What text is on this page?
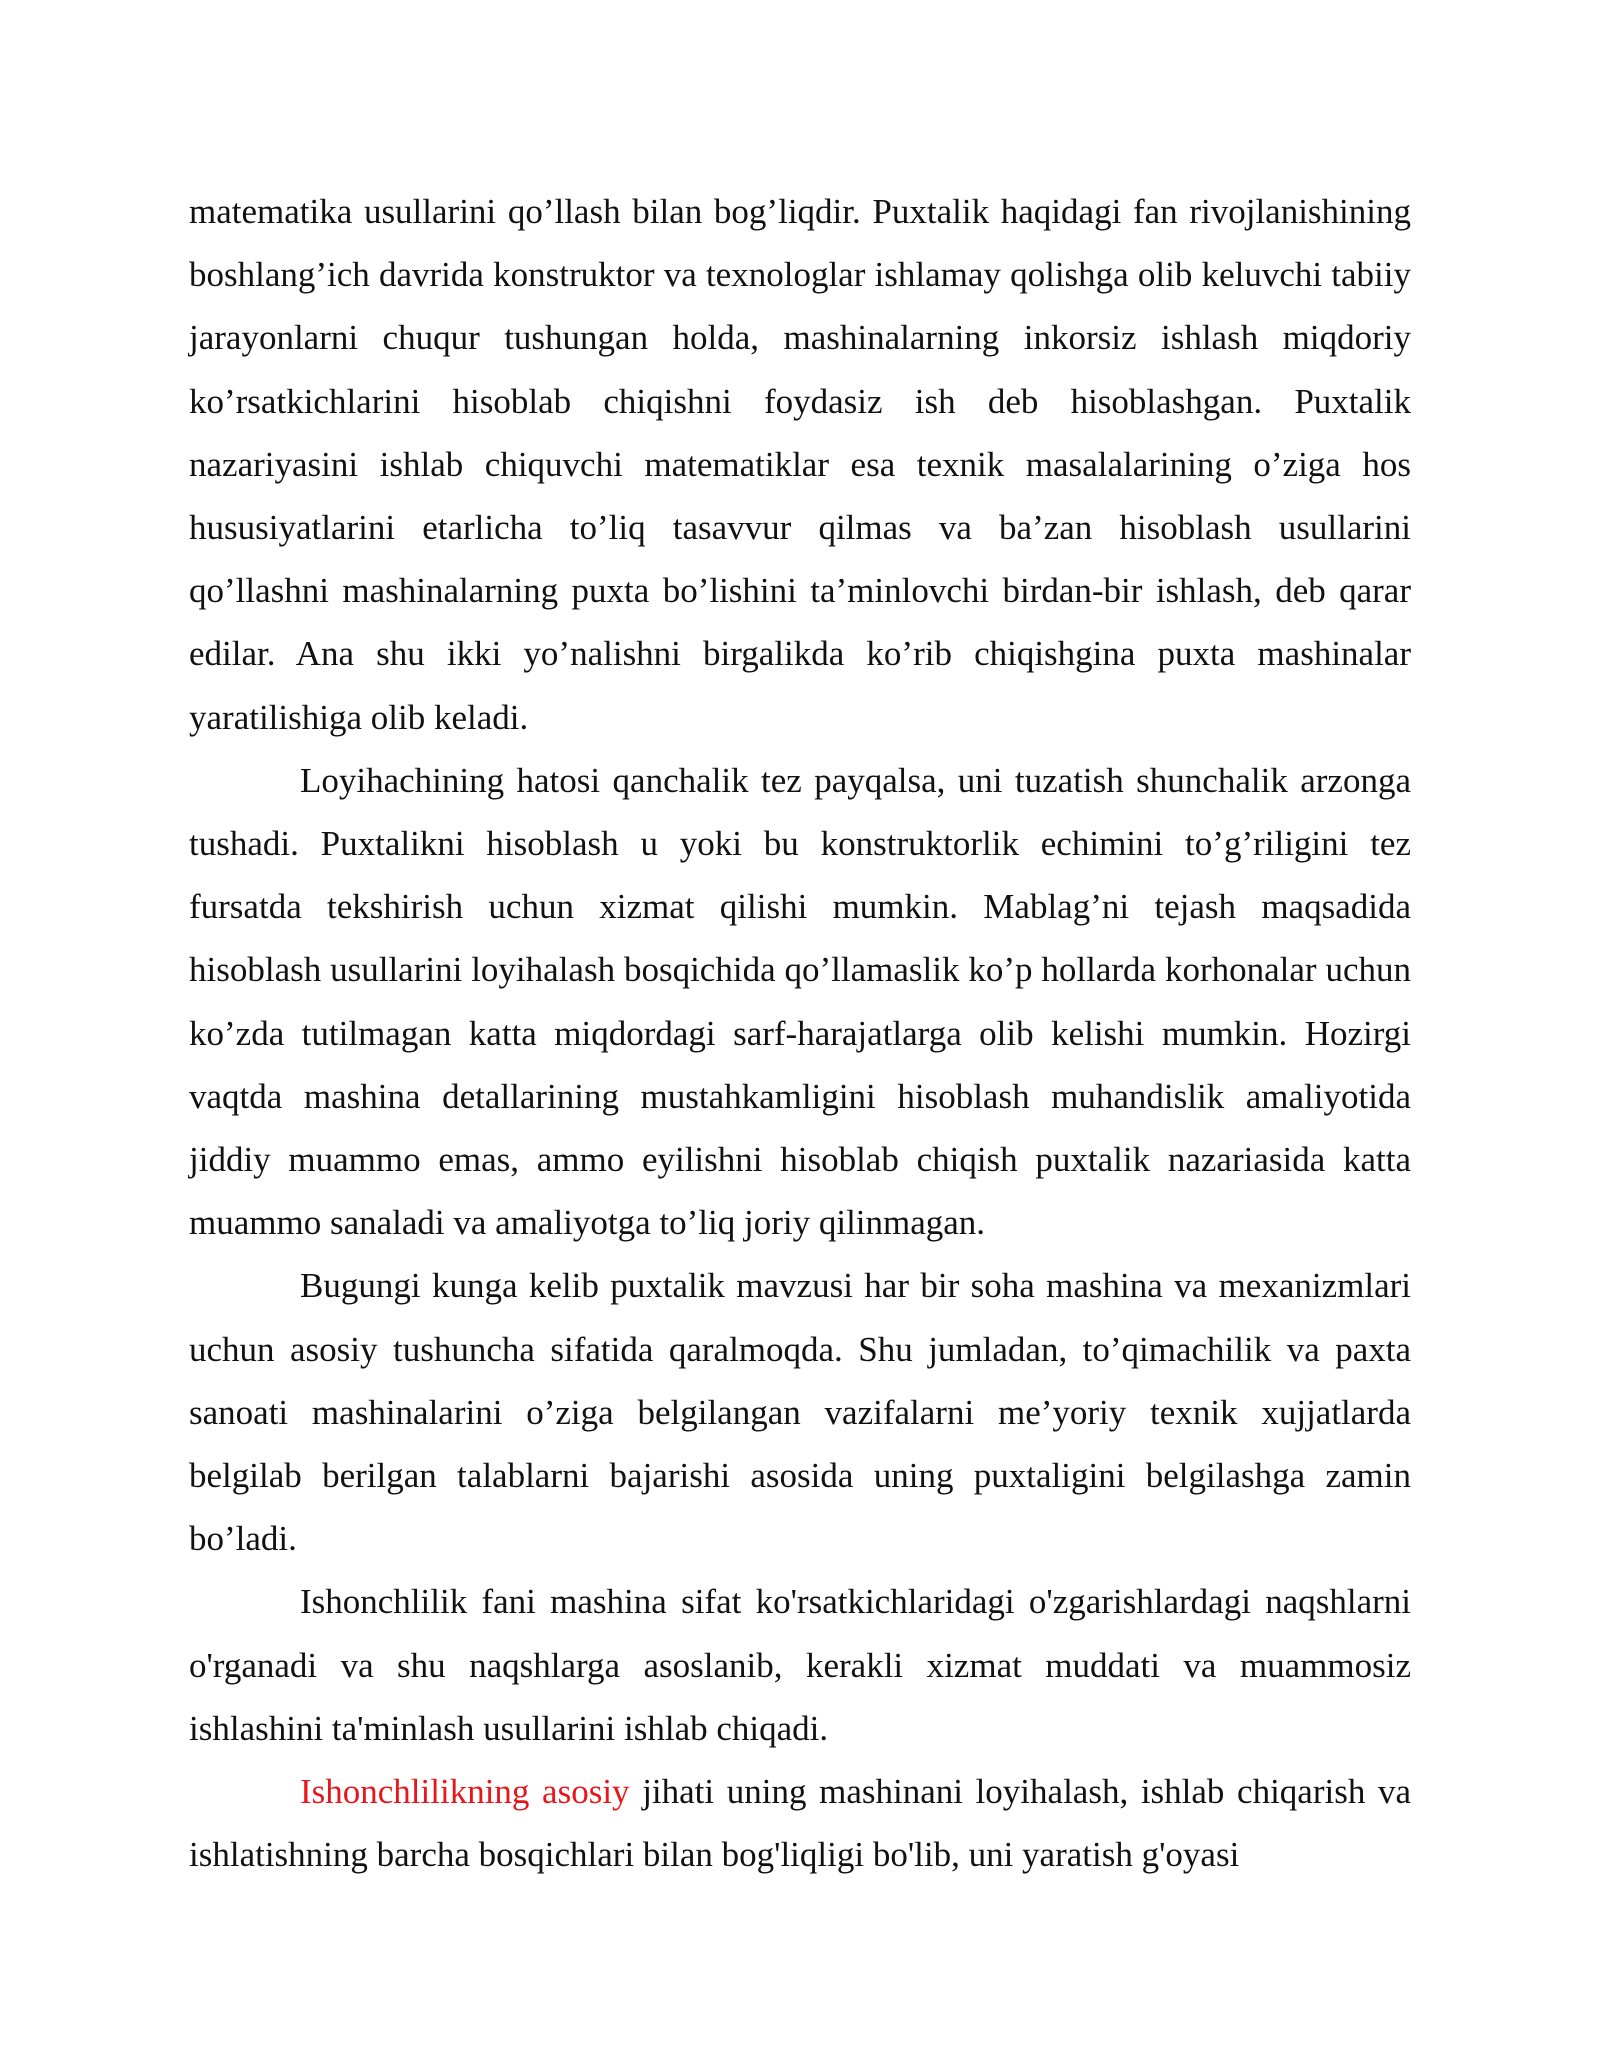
matematika usullarini qo’llash bilan bog’liqdir. Puxtalik haqidagi fan rivojlanishining boshlang’ich davrida konstruktor va texnologlar ishlamay qolishga olib keluvchi tabiiy jarayonlarni chuqur tushungan holda, mashinalarning inkorsiz ishlash miqdoriy ko’rsatkichlarini hisoblab chiqishni foydasiz ish deb hisoblashgan. Puxtalik nazariyasini ishlab chiquvchi matematiklar esa texnik masalalarining o’ziga hos hususiyatlarini etarlicha to’liq tasavvur qilmas va ba’zan hisoblash usullarini qo’llashni mashinalarning puxta bo’lishini ta’minlovchi birdan-bir ishlash, deb qarar edilar. Ana shu ikki yo’nalishni birgalikda ko’rib chiqishgina puxta mashinalar yaratilishiga olib keladi.

Loyihachining hatosi qanchalik tez payqalsa, uni tuzatish shunchalik arzonga tushadi. Puxtalikni hisoblash u yoki bu konstruktorlik echimini to’g’riligini tez fursatda tekshirish uchun xizmat qilishi mumkin. Mablag’ni tejash maqsadida hisoblash usullarini loyihalash bosqichida qo’llamaslik ko’p hollarda korhonalar uchun ko’zda tutilmagan katta miqdordagi sarf-harajatlarga olib kelishi mumkin. Hozirgi vaqtda mashina detallarining mustahkamligini hisoblash muhandislik amaliyotida jiddiy muammo emas, ammo eyilishni hisoblab chiqish puxtalik nazariasida katta muammo sanaladi va amaliyotga to’liq joriy qilinmagan.

Bugungi kunga kelib puxtalik mavzusi har bir soha mashina va mexanizmlari uchun asosiy tushuncha sifatida qaralmoqda. Shu jumladan, to’qimachilik va paxta sanoati mashinalarini o’ziga belgilangan vazifalarni me’yoriy texnik xujjatlarda belgilab berilgan talablarni bajarishi asosida uning puxtaligini belgilashga zamin bo’ladi.

Ishonchlilik fani mashina sifat ko'rsatkichlaridagi o'zgarishlardagi naqshlarni o'rganadi va shu naqshlarga asoslanib, kerakli xizmat muddati va muammosiz ishlashini ta'minlash usullarini ishlab chiqadi.

Ishonchlilikning asosiy jihati uning mashinani loyihalash, ishlab chiqarish va ishlatishning barcha bosqichlari bilan bog'liqligi bo'lib, uni yaratish g'oyasi
